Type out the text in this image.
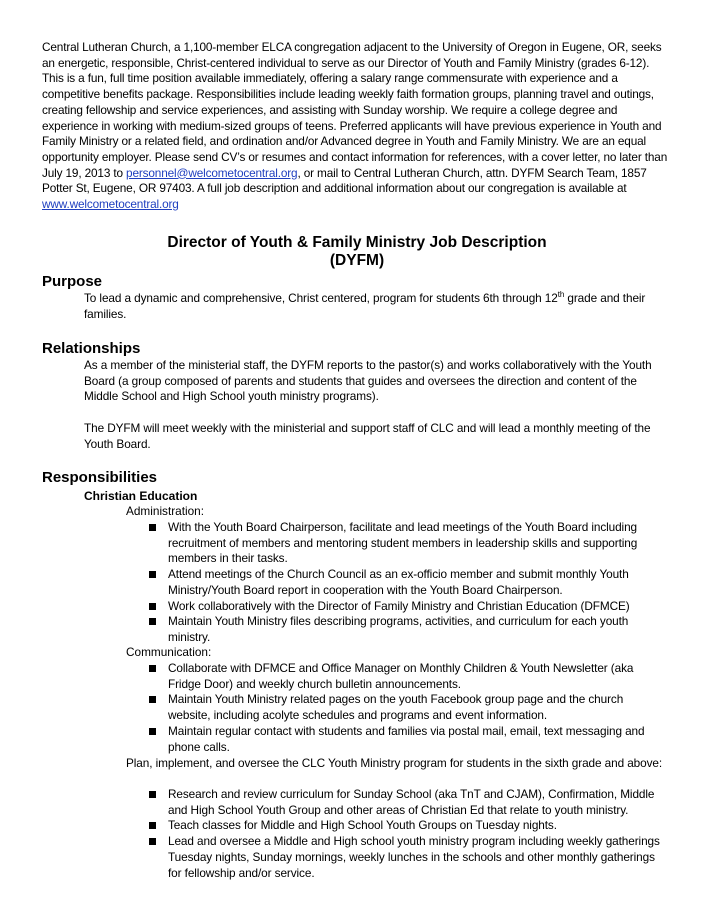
Central Lutheran Church, a 1,100-member ELCA congregation adjacent to the University of Oregon in Eugene, OR, seeks an energetic, responsible, Christ-centered individual to serve as our Director of Youth and Family Ministry (grades 6-12). This is a fun, full time position available immediately, offering a salary range commensurate with experience and a competitive benefits package. Responsibilities include leading weekly faith formation groups, planning travel and outings, creating fellowship and service experiences, and assisting with Sunday worship. We require a college degree and experience in working with medium-sized groups of teens. Preferred applicants will have previous experience in Youth and Family Ministry or a related field, and ordination and/or Advanced degree in Youth and Family Ministry. We are an equal opportunity employer. Please send CV’s or resumes and contact information for references, with a cover letter, no later than July 19, 2013 to personnel@welcometocentral.org, or mail to Central Lutheran Church, attn. DYFM Search Team, 1857 Potter St, Eugene, OR 97403. A full job description and additional information about our congregation is available at www.welcometocentral.org
Director of Youth & Family Ministry Job Description
(DYFM)
Purpose
To lead a dynamic and comprehensive, Christ centered, program for students 6th through 12th grade and their families.
Relationships
As a member of the ministerial staff, the DYFM reports to the pastor(s) and works collaboratively with the Youth Board (a group composed of parents and students that guides and oversees the direction and content of the Middle School and High School youth ministry programs).
The DYFM will meet weekly with the ministerial and support staff of CLC and will lead a monthly meeting of the Youth Board.
Responsibilities
Christian Education
Administration:
With the Youth Board Chairperson, facilitate and lead meetings of the Youth Board including recruitment of members and mentoring student members in leadership skills and supporting members in their tasks.
Attend meetings of the Church Council as an ex-officio member and submit monthly Youth Ministry/Youth Board report in cooperation with the Youth Board Chairperson.
Work collaboratively with the Director of Family Ministry and Christian Education (DFMCE)
Maintain Youth Ministry files describing programs, activities, and curriculum for each youth ministry.
Communication:
Collaborate with DFMCE and Office Manager on Monthly Children & Youth Newsletter (aka Fridge Door) and weekly church bulletin announcements.
Maintain Youth Ministry related pages on the youth Facebook group page and the church website, including acolyte schedules and programs and event information.
Maintain regular contact with students and families via postal mail, email, text messaging and phone calls.
Plan, implement, and oversee the CLC Youth Ministry program for students in the sixth grade and above:
Research and review curriculum for Sunday School (aka TnT and CJAM), Confirmation, Middle and High School Youth Group and other areas of Christian Ed that relate to youth ministry.
Teach classes for Middle and High School Youth Groups on Tuesday nights.
Lead and oversee a Middle and High school youth ministry program including weekly gatherings Tuesday nights, Sunday mornings, weekly lunches in the schools and other monthly gatherings for fellowship and/or service.
